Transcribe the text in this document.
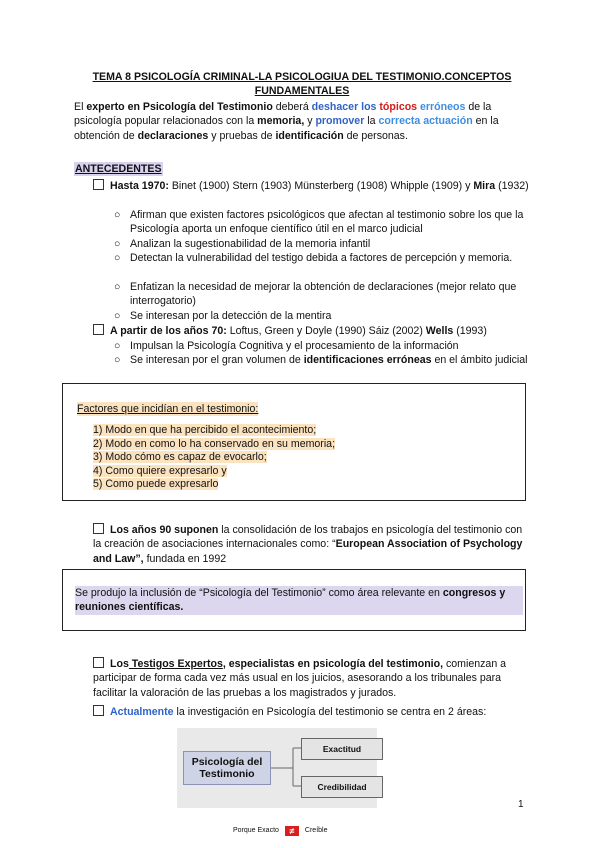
TEMA 8 PSICOLOGÍA CRIMINAL-LA PSICOLOGIUA DEL TESTIMONIO.CONCEPTOS FUNDAMENTALES
El experto en Psicología del Testimonio deberá deshacer los tópicos erróneos de la psicología popular relacionados con la memoria, y promover la correcta actuación en la obtención de declaraciones y pruebas de identificación de personas.
ANTECEDENTES
Hasta 1970: Binet (1900) Stern (1903) Münsterberg (1908) Whipple (1909) y Mira (1932)
○ Afirman que existen factores psicológicos que afectan al testimonio sobre los que la Psicología aporta un enfoque científico útil en el marco judicial
○ Analizan la sugestionabilidad de la memoria infantil
○ Detectan la vulnerabilidad del testigo debida a factores de percepción y memoria.
○ Enfatizan la necesidad de mejorar la obtención de declaraciones (mejor relato que interrogatorio)
○ Se interesan por la detección de la mentira
A partir de los años 70: Loftus, Green y Doyle (1990) Sáiz (2002) Wells (1993)
○ Impulsan la Psicología Cognitiva y el procesamiento de la información
○ Se interesan por el gran volumen de identificaciones erróneas en el ámbito judicial
Factores que incidían en el testimonio:
1) Modo en que ha percibido el acontecimiento;
2) Modo en como lo ha conservado en su memoria;
3) Modo cómo es capaz de evocarlo;
4) Como quiere expresarlo y
5) Como puede expresarlo
Los años 90 suponen la consolidación de los trabajos en psicología del testimonio con la creación de asociaciones internacionales como: “European Association of Psychology and Law”, fundada en 1992
Se produjo la inclusión de “Psicología del Testimonio” como área relevante en congresos y reuniones científicas.
Los Testigos Expertos, especialistas en psicología del testimonio, comienzan a participar de forma cada vez más usual en los juicios, asesorando a los tribunales para facilitar la valoración de las pruebas a los magistrados y jurados.
Actualmente la investigación en Psicología del testimonio se centra en 2 áreas:
Psicología del Testimonio
Exactitud
Credibilidad
1
Porque Exacto ≠ Creíble
